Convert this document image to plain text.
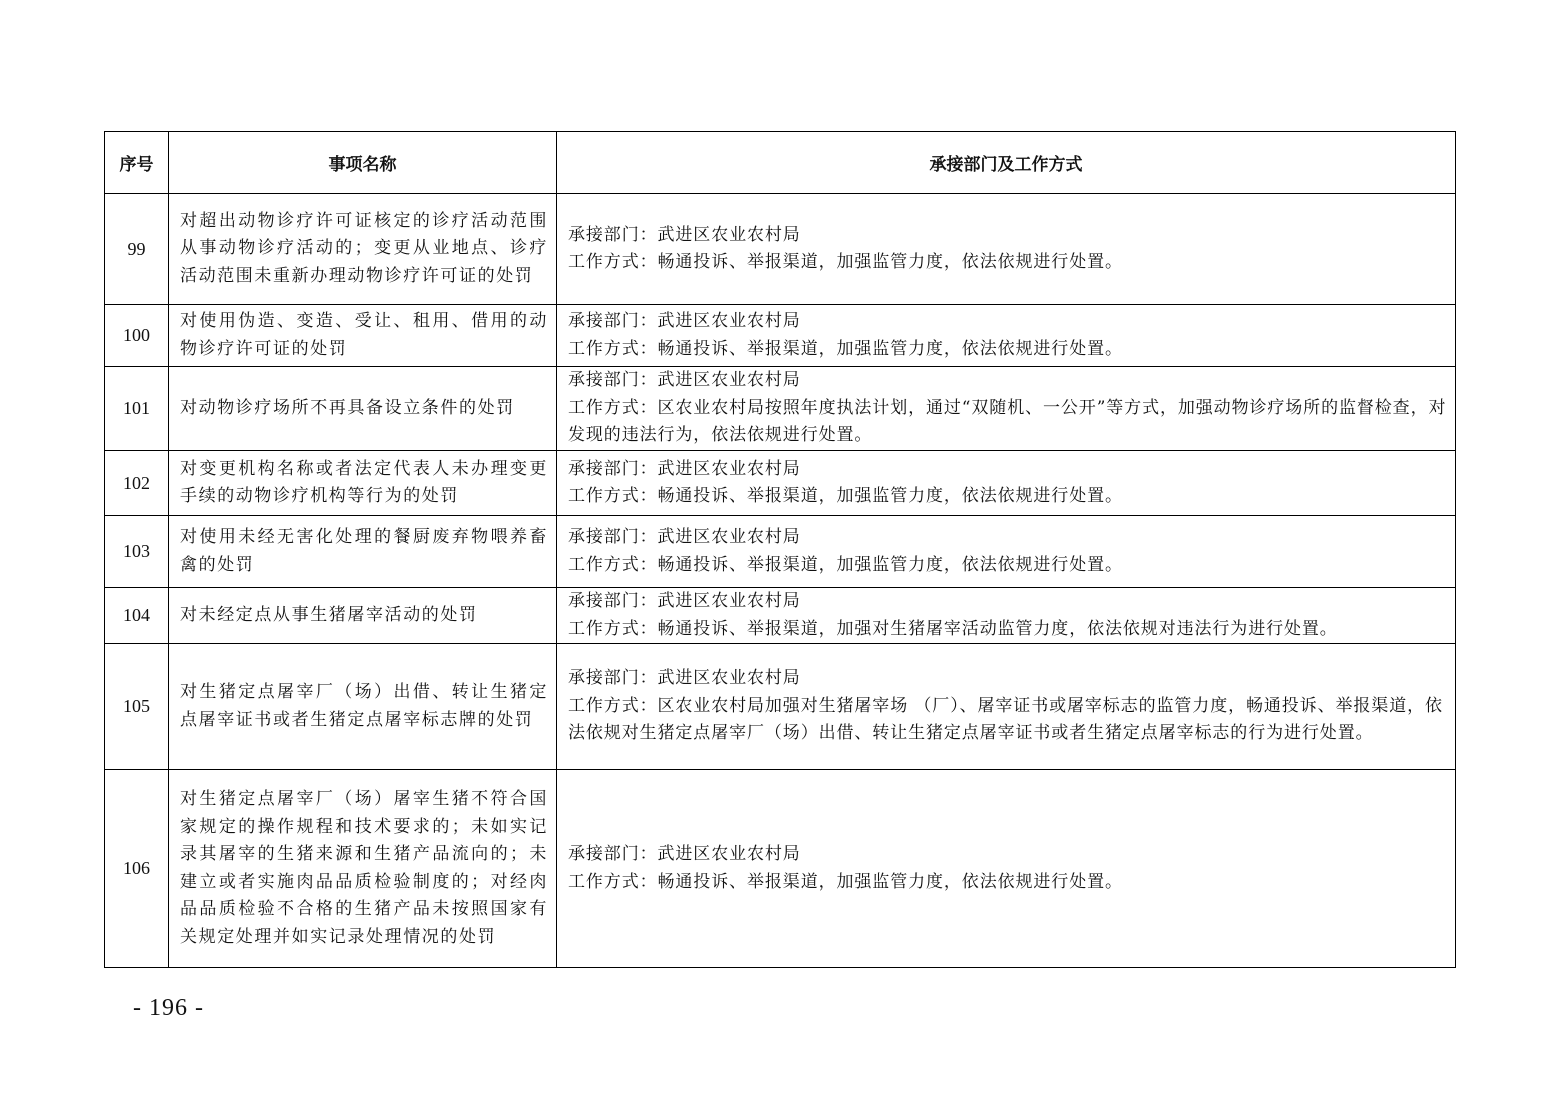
序号	事项名称	承接部门及工作方式
99	对超出动物诊疗许可证核定的诊疗活动范围从事动物诊疗活动的；变更从业地点、诊疗活动范围未重新办理动物诊疗许可证的处罚	承接部门：武进区农业农村局
工作方式：畅通投诉、举报渠道，加强监管力度，依法依规进行处置。

100	对使用伪造、变造、受让、租用、借用的动物诊疗许可证的处罚	承接部门：武进区农业农村局
工作方式：畅通投诉、举报渠道，加强监管力度，依法依规进行处置。

101	对动物诊疗场所不再具备设立条件的处罚	承接部门：武进区农业农村局
工作方式：区农业农村局按照年度执法计划，通过“双随机、一公开”等方式，加强动物诊疗场所的监督检查，对发现的违法行为，依法依规进行处置。

102	对变更机构名称或者法定代表人未办理变更手续的动物诊疗机构等行为的处罚	承接部门：武进区农业农村局
工作方式：畅通投诉、举报渠道，加强监管力度，依法依规进行处置。

103	对使用未经无害化处理的餐厨废弃物喂养畜禽的处罚	承接部门：武进区农业农村局
工作方式：畅通投诉、举报渠道，加强监管力度，依法依规进行处置。

104	对未经定点从事生猪屠宰活动的处罚	承接部门：武进区农业农村局
工作方式：畅通投诉、举报渠道，加强对生猪屠宰活动监管力度，依法依规对违法行为进行处置。

105	对生猪定点屠宰厂（场）出借、转让生猪定点屠宰证书或者生猪定点屠宰标志牌的处罚	承接部门：武进区农业农村局
工作方式：区农业农村局加强对生猪屠宰场 （厂）、屠宰证书或屠宰标志的监管力度，畅通投诉、举报渠道，依法依规对生猪定点屠宰厂（场）出借、转让生猪定点屠宰证书或者生猪定点屠宰标志的行为进行处置。

106	对生猪定点屠宰厂（场）屠宰生猪不符合国家规定的操作规程和技术要求的；未如实记录其屠宰的生猪来源和生猪产品流向的；未建立或者实施肉品品质检验制度的；对经肉品品质检验不合格的生猪产品未按照国家有关规定处理并如实记录处理情况的处罚	承接部门：武进区农业农村局
工作方式：畅通投诉、举报渠道，加强监管力度，依法依规进行处置。
- 196 -
